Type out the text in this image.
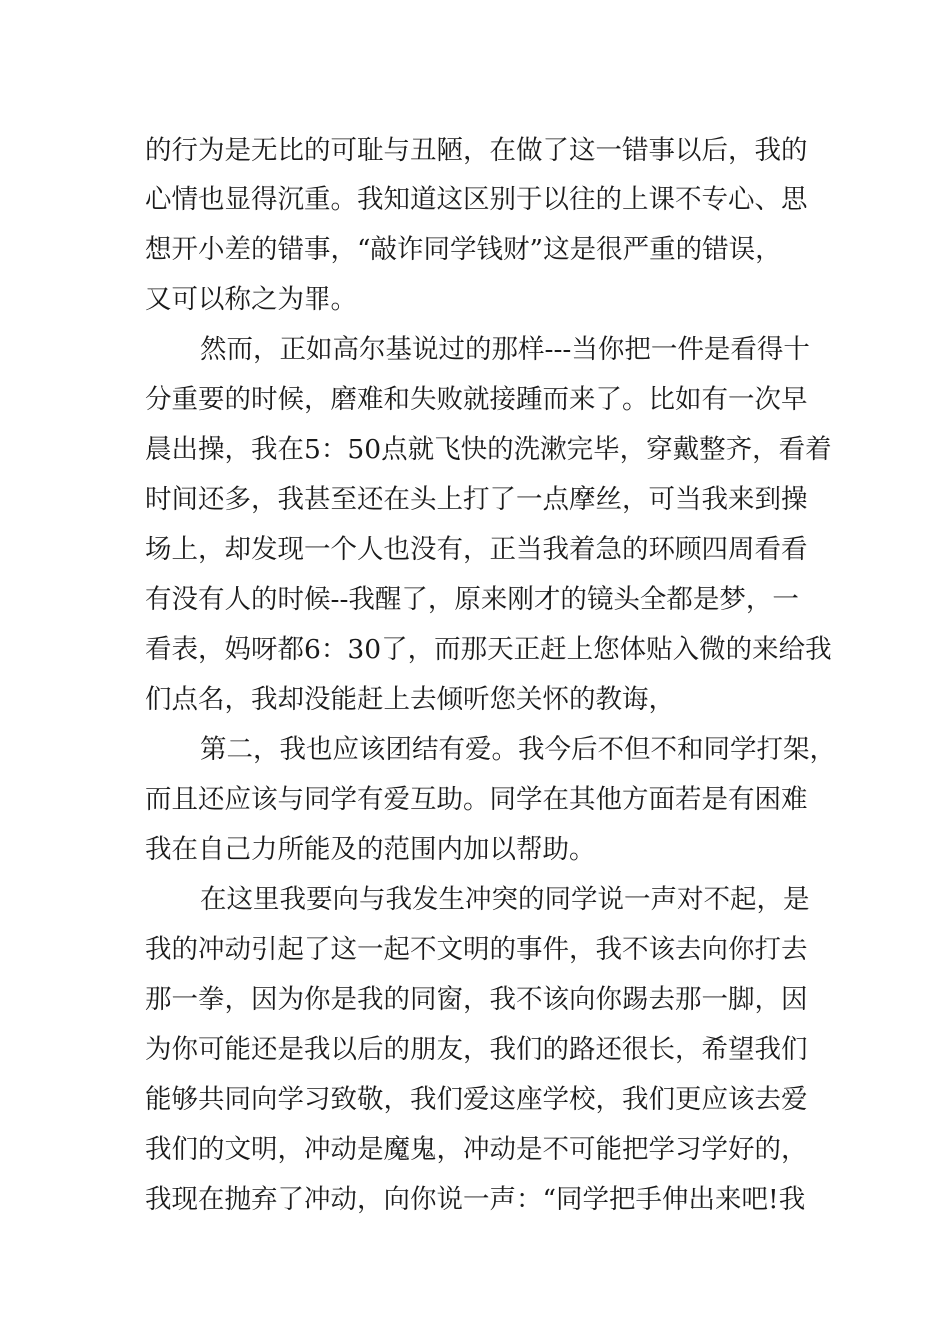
的行为是无比的可耻与丑陋，在做了这一错事以后，我的
心情也显得沉重。我知道这区别于以往的上课不专心、思
想开小差的错事，“敲诈同学钱财”这是很严重的错误，
又可以称之为罪。
然而，正如高尔基说过的那样---当你把一件是看得十
分重要的时候，磨难和失败就接踵而来了。比如有一次早
晨出操，我在5：50点就飞快的洗漱完毕，穿戴整齐，看着
时间还多，我甚至还在头上打了一点摩丝，可当我来到操
场上，却发现一个人也没有，正当我着急的环顾四周看看
有没有人的时候--我醒了，原来刚才的镜头全都是梦，一
看表，妈呀都6：30了，而那天正赶上您体贴入微的来给我
们点名，我却没能赶上去倾听您关怀的教诲，
第二，我也应该团结有爱。我今后不但不和同学打架，
而且还应该与同学有爱互助。同学在其他方面若是有困难
我在自己力所能及的范围内加以帮助。
在这里我要向与我发生冲突的同学说一声对不起，是
我的冲动引起了这一起不文明的事件，我不该去向你打去
那一拳，因为你是我的同窗，我不该向你踢去那一脚，因
为你可能还是我以后的朋友，我们的路还很长，希望我们
能够共同向学习致敬，我们爱这座学校，我们更应该去爱
我们的文明，冲动是魔鬼，冲动是不可能把学习学好的，
我现在抛弃了冲动，向你说一声：“同学把手伸出来吧!我
